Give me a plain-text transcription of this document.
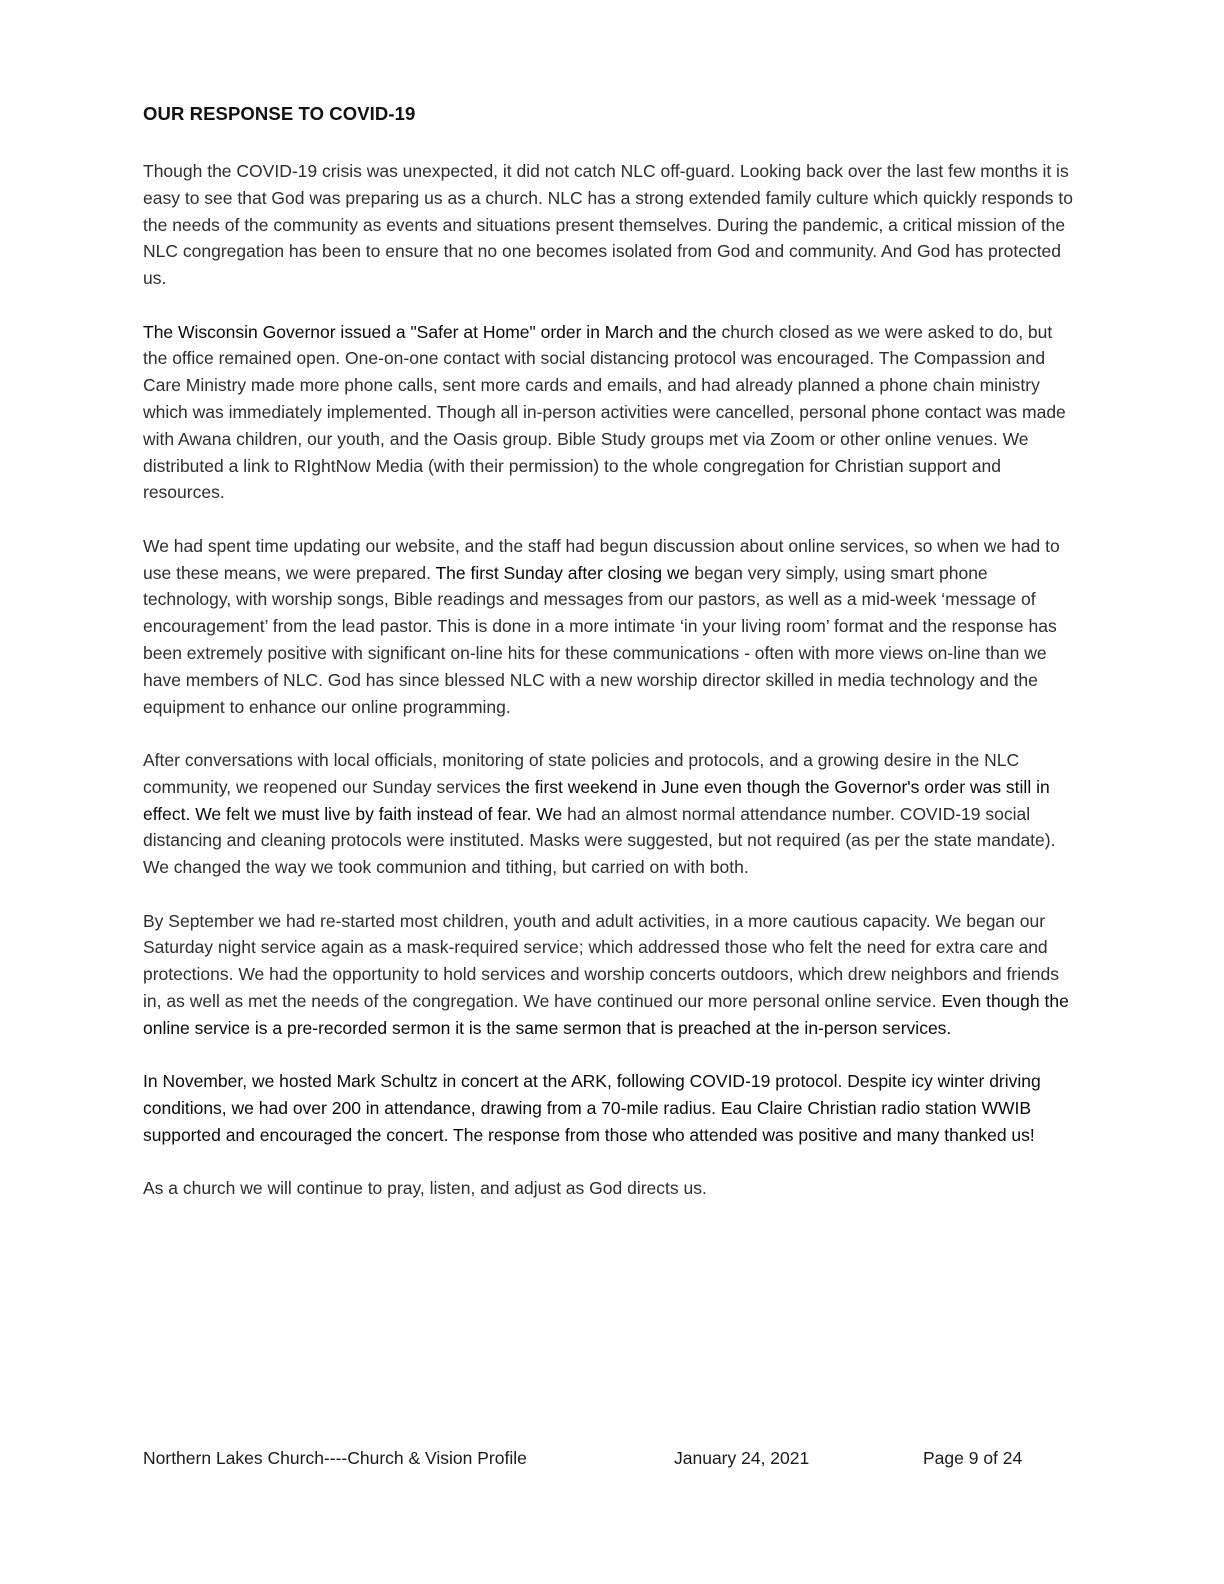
OUR RESPONSE TO COVID-19

Though the COVID-19 crisis was unexpected, it did not catch NLC off-guard. Looking back over the last few months it is easy to see that God was preparing us as a church. NLC has a strong extended family culture which quickly responds to the needs of the community as events and situations present themselves. During the pandemic, a critical mission of the NLC congregation has been to ensure that no one becomes isolated from God and community. And God has protected us.

The Wisconsin Governor issued a "Safer at Home" order in March and the church closed as we were asked to do, but the office remained open. One-on-one contact with social distancing protocol was encouraged. The Compassion and Care Ministry made more phone calls, sent more cards and emails, and had already planned a phone chain ministry which was immediately implemented. Though all in-person activities were cancelled, personal phone contact was made with Awana children, our youth, and the Oasis group. Bible Study groups met via Zoom or other online venues. We distributed a link to RIghtNow Media (with their permission) to the whole congregation for Christian support and resources.

We had spent time updating our website, and the staff had begun discussion about online services, so when we had to use these means, we were prepared. The first Sunday after closing we began very simply, using smart phone technology, with worship songs, Bible readings and messages from our pastors, as well as a mid-week ‘message of encouragement’ from the lead pastor. This is done in a more intimate ‘in your living room’ format and the response has been extremely positive with significant on-line hits for these communications - often with more views on-line than we have members of NLC. God has since blessed NLC with a new worship director skilled in media technology and the equipment to enhance our online programming.

After conversations with local officials, monitoring of state policies and protocols, and a growing desire in the NLC community, we reopened our Sunday services the first weekend in June even though the Governor's order was still in effect. We felt we must live by faith instead of fear. We had an almost normal attendance number. COVID-19 social distancing and cleaning protocols were instituted. Masks were suggested, but not required (as per the state mandate). We changed the way we took communion and tithing, but carried on with both.

By September we had re-started most children, youth and adult activities, in a more cautious capacity. We began our Saturday night service again as a mask-required service; which addressed those who felt the need for extra care and protections. We had the opportunity to hold services and worship concerts outdoors, which drew neighbors and friends in, as well as met the needs of the congregation. We have continued our more personal online service. Even though the online service is a pre-recorded sermon it is the same sermon that is preached at the in-person services.

In November, we hosted Mark Schultz in concert at the ARK, following COVID-19 protocol. Despite icy winter driving conditions, we had over 200 in attendance, drawing from a 70-mile radius. Eau Claire Christian radio station WWIB supported and encouraged the concert. The response from those who attended was positive and many thanked us!

As a church we will continue to pray, listen, and adjust as God directs us.

Northern Lakes Church----Church & Vision Profile	January 24, 2021	Page 9 of 24
